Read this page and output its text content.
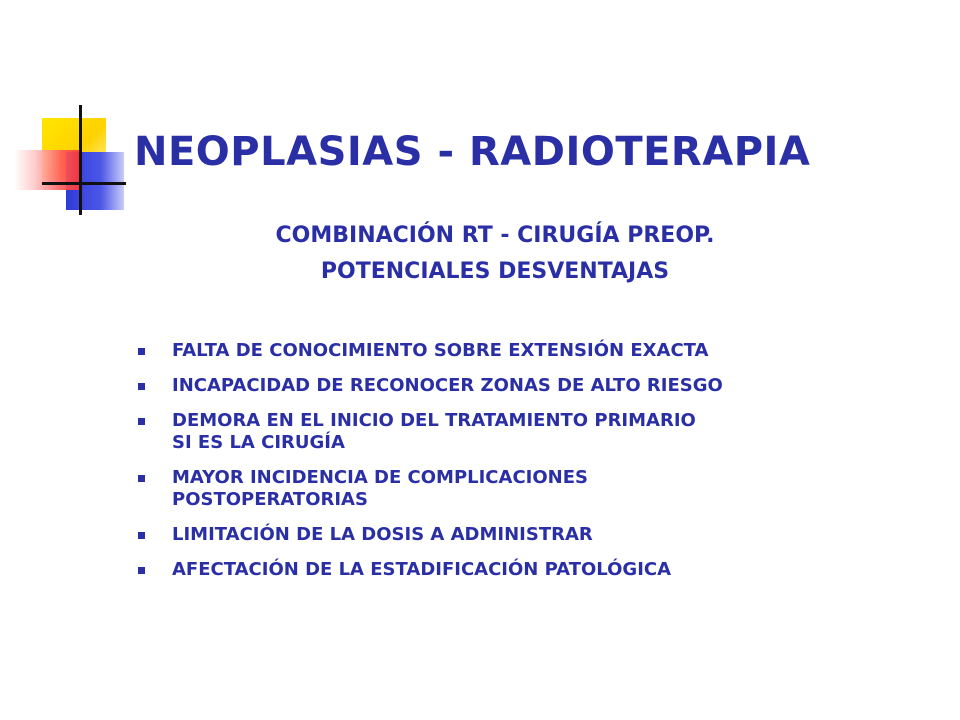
NEOPLASIAS - RADIOTERAPIA
COMBINACIÓN RT - CIRUGÍA PREOP.
POTENCIALES DESVENTAJAS
FALTA DE CONOCIMIENTO SOBRE EXTENSIÓN EXACTA
INCAPACIDAD DE RECONOCER ZONAS DE ALTO RIESGO
DEMORA EN EL INICIO DEL TRATAMIENTO PRIMARIO
SI ES LA CIRUGÍA
MAYOR INCIDENCIA DE COMPLICACIONES
POSTOPERATORIAS
LIMITACIÓN DE LA DOSIS A ADMINISTRAR
AFECTACIÓN DE LA ESTADIFICACIÓN PATOLÓGICA
